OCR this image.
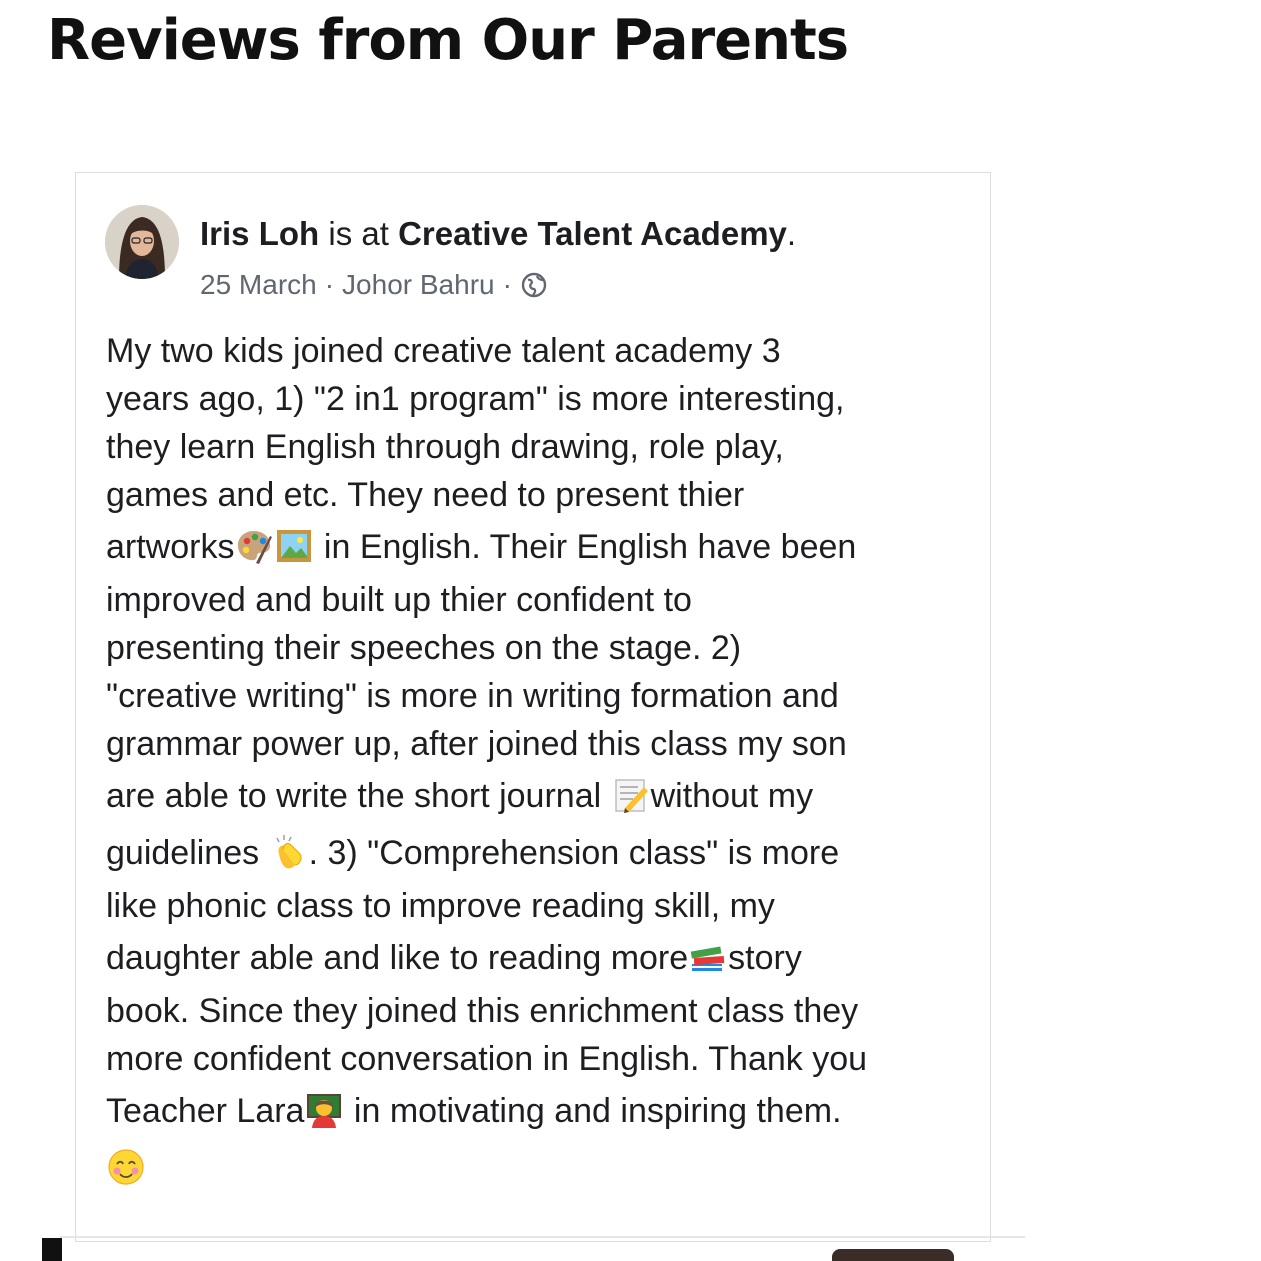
Reviews from Our Parents
Iris Loh is at Creative Talent Academy.
25 March · Johor Bahru ·
My two kids joined creative talent academy 3
years ago, 1) "2 in1 program" is more interesting,
they learn English through drawing, role play,
games and etc. They need to present thier
artworks	in English. Their English have been
improved and built up thier confident to
presenting their speeches on the stage. 2)
"creative writing" is more in writing formation and
grammar power up, after joined this class my son
are able to write the short journal without my
guidelines . 3) "Comprehension class" is more
like phonic class to improve reading skill, my
daughter able and like to reading more story
book. Since they joined this enrichment class they
more confident conversation in English. Thank you
Teacher Lara in motivating and inspiring them.
